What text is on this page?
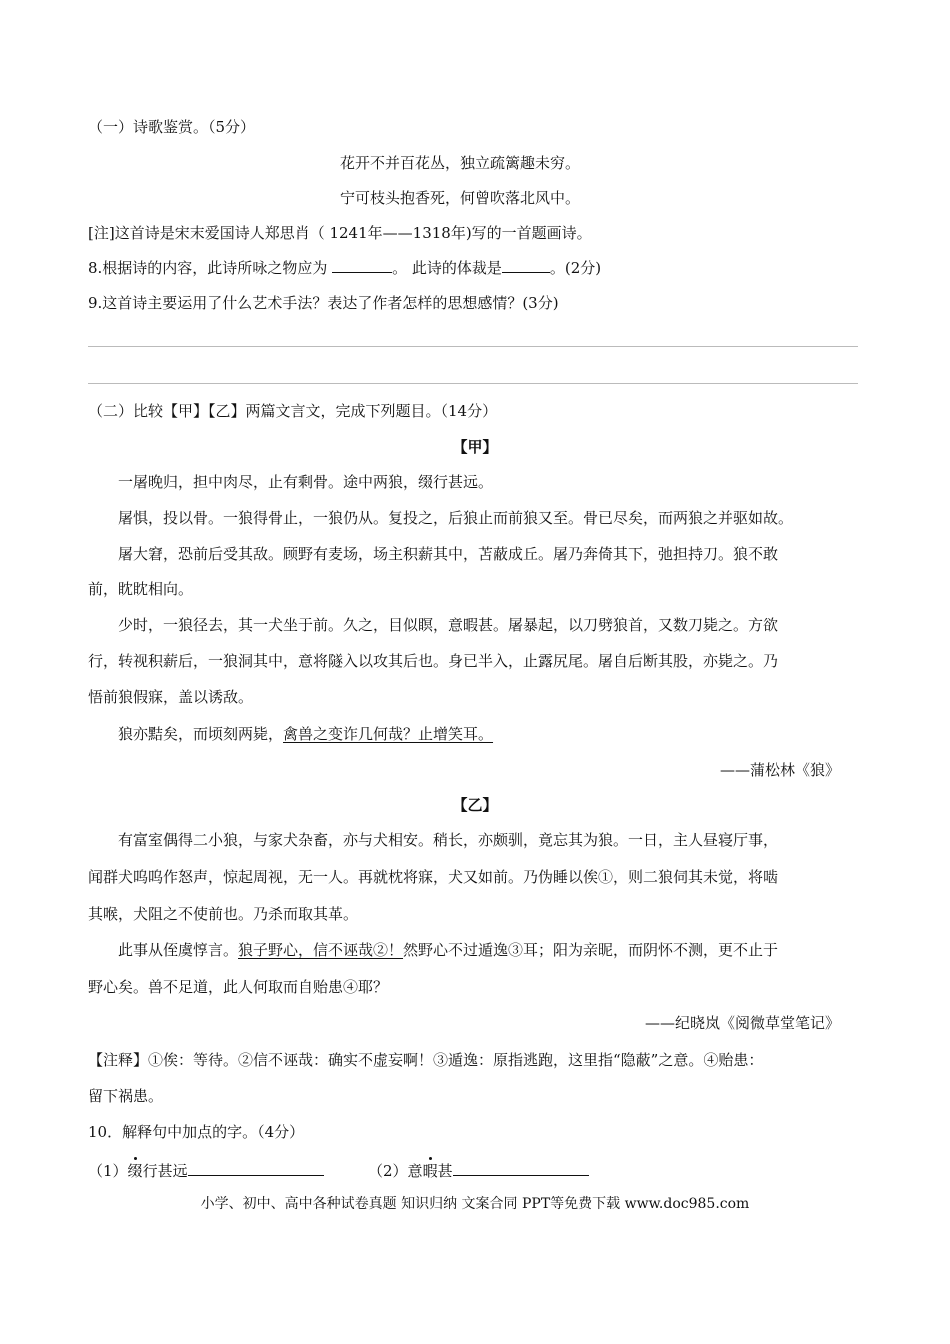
（一）诗歌鉴赏。（5分）
花开不并百花丛，独立疏篱趣未穷。
宁可枝头抱香死，何曾吹落北风中。
[注]这首诗是宋末爱国诗人郑思肖（ 1241年——1318年)写的一首题画诗。
8.根据诗的内容，此诗所咏之物应为	。 此诗的体裁是	。(2分)
9.这首诗主要运用了什么艺术手法？表达了作者怎样的思想感情？(3分)
（二）比较【甲】【乙】两篇文言文，完成下列题目。（14分）
【甲】
一屠晚归，担中肉尽，止有剩骨。途中两狼，缀行甚远。
屠惧，投以骨。一狼得骨止，一狼仍从。复投之，后狼止而前狼又至。骨已尽矣，而两狼之并驱如故。
屠大窘，恐前后受其敌。顾野有麦场，场主积薪其中，苫蔽成丘。屠乃奔倚其下，弛担持刀。狼不敢
前，眈眈相向。
少时，一狼径去，其一犬坐于前。久之，目似瞑，意暇甚。屠暴起，以刀劈狼首，又数刀毙之。方欲
行，转视积薪后，一狼洞其中，意将隧入以攻其后也。身已半入，止露尻尾。屠自后断其股，亦毙之。乃
悟前狼假寐，盖以诱敌。
狼亦黠矣，而顷刻两毙，禽兽之变诈几何哉？止增笑耳。
——蒲松林《狼》
【乙】
有富室偶得二小狼，与家犬杂畜，亦与犬相安。稍长，亦颇驯，竟忘其为狼。一日，主人昼寝厅事，
闻群犬呜呜作怒声，惊起周视，无一人。再就枕将寐，犬又如前。乃伪睡以俟①，则二狼伺其未觉，将啮
其喉，犬阻之不使前也。乃杀而取其革。
此事从侄虞惇言。狼子野心，信不诬哉②！然野心不过遁逸③耳；阳为亲昵，而阴怀不测，更不止于
野心矣。兽不足道，此人何取而自贻患④耶？
——纪晓岚《阅微草堂笔记》
【注释】①俟：等待。②信不诬哉：确实不虚妄啊！③遁逸：原指逃跑，这里指“隐蔽”之意。④贻患：
留下祸患。
10．解释句中加点的字。（4分）
（1）缀行甚远	（2）意暇甚
小学、初中、高中各种试卷真题 知识归纳 文案合同 PPT等免费下载 www.doc985.com
